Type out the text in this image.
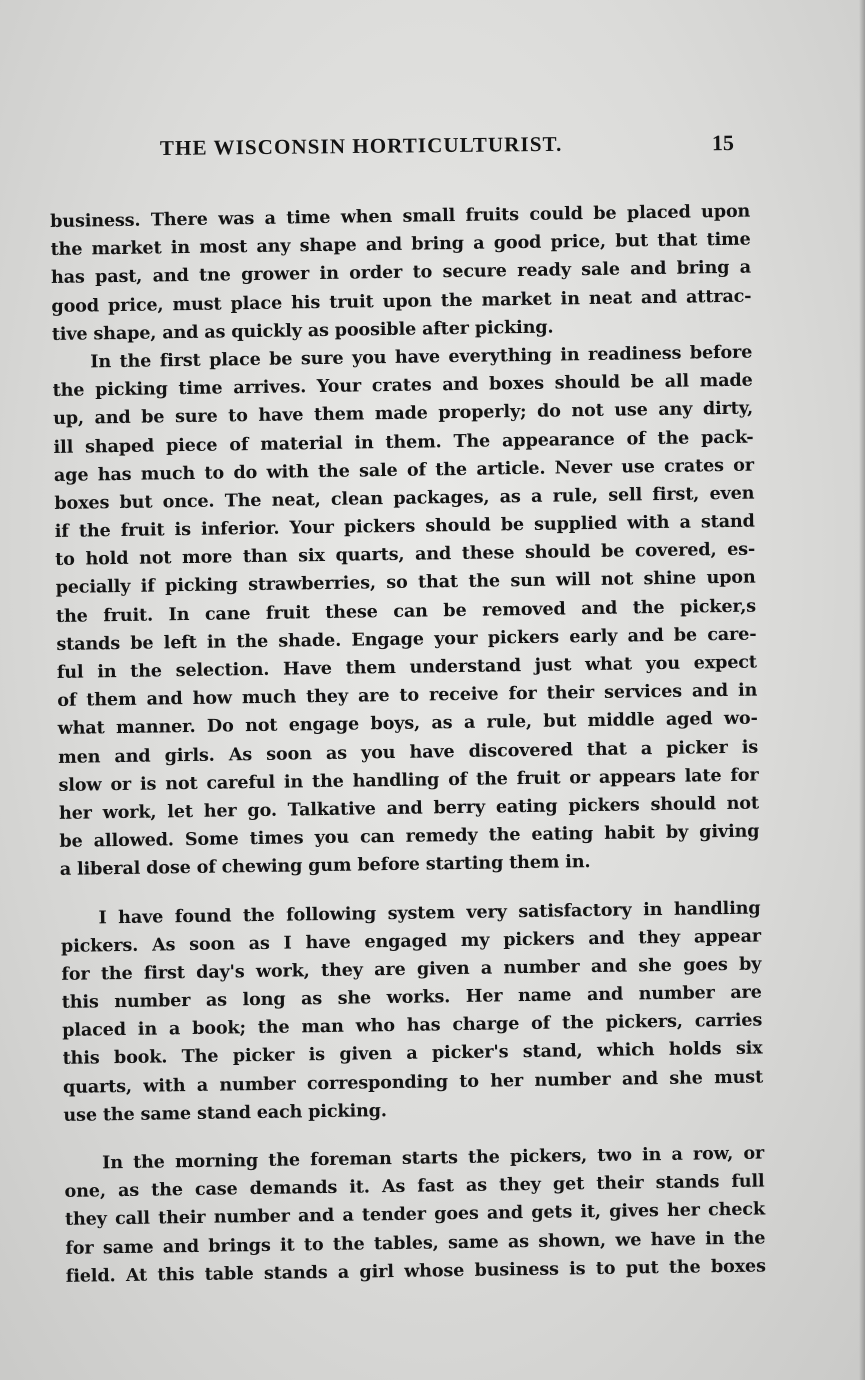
THE WISCONSIN HORTICULTURIST.	15
business. There was a time when small fruits could be placed upon
the market in most any shape and bring a good price, but that time
has past, and tne grower in order to secure ready sale and bring a
good price, must place his truit upon the market in neat and attrac-
tive shape, and as quickly as poosible after picking.
In the first place be sure you have everything in readiness before
the picking time arrives. Your crates and boxes should be all made
up, and be sure to have them made properly; do not use any dirty,
ill shaped piece of material in them. The appearance of the pack-
age has much to do with the sale of the article. Never use crates or
boxes but once. The neat, clean packages, as a rule, sell first, even
if the fruit is inferior. Your pickers should be supplied with a stand
to hold not more than six quarts, and these should be covered, es-
pecially if picking strawberries, so that the sun will not shine upon
the fruit. In cane fruit these can be removed and the picker,s
stands be left in the shade. Engage your pickers early and be care-
ful in the selection. Have them understand just what you expect
of them and how much they are to receive for their services and in
what manner. Do not engage boys, as a rule, but middle aged wo-
men and girls. As soon as you have discovered that a picker is
slow or is not careful in the handling of the fruit or appears late for
her work, let her go. Talkative and berry eating pickers should not
be allowed. Some times you can remedy the eating habit by giving
a liberal dose of chewing gum before starting them in.
I have found the following system very satisfactory in handling
pickers. As soon as I have engaged my pickers and they appear
for the first day's work, they are given a number and she goes by
this number as long as she works. Her name and number are
placed in a book; the man who has charge of the pickers, carries
this book. The picker is given a picker's stand, which holds six
quarts, with a number corresponding to her number and she must
use the same stand each picking.
In the morning the foreman starts the pickers, two in a row, or
one, as the case demands it. As fast as they get their stands full
they call their number and a tender goes and gets it, gives her check
for same and brings it to the tables, same as shown, we have in the
field. At this table stands a girl whose business is to put the boxes
